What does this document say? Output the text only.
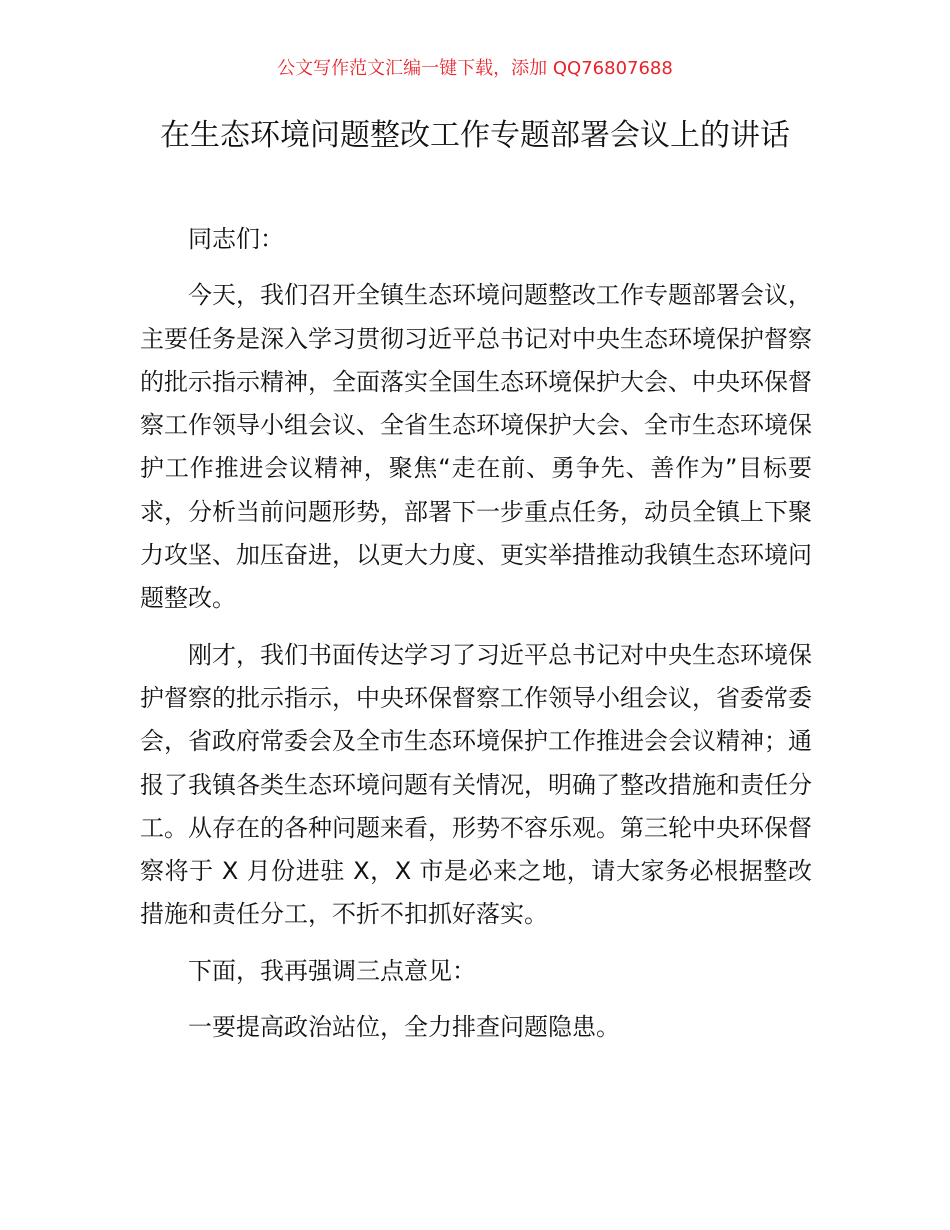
公文写作范文汇编一键下载，添加 QQ76807688
在生态环境问题整改工作专题部署会议上的讲话

同志们：

今天，我们召开全镇生态环境问题整改工作专题部署会议，主要任务是深入学习贯彻习近平总书记对中央生态环境保护督察的批示指示精神，全面落实全国生态环境保护大会、中央环保督察工作领导小组会议、全省生态环境保护大会、全市生态环境保护工作推进会议精神，聚焦“走在前、勇争先、善作为”目标要求，分析当前问题形势，部署下一步重点任务，动员全镇上下聚力攻坚、加压奋进，以更大力度、更实举措推动我镇生态环境问题整改。

刚才，我们书面传达学习了习近平总书记对中央生态环境保护督察的批示指示，中央环保督察工作领导小组会议，省委常委会，省政府常委会及全市生态环境保护工作推进会会议精神；通报了我镇各类生态环境问题有关情况，明确了整改措施和责任分工。从存在的各种问题来看，形势不容乐观。第三轮中央环保督察将于 X 月份进驻 X，X 市是必来之地，请大家务必根据整改措施和责任分工，不折不扣抓好落实。

下面，我再强调三点意见：

一要提高政治站位，全力排查问题隐患。
